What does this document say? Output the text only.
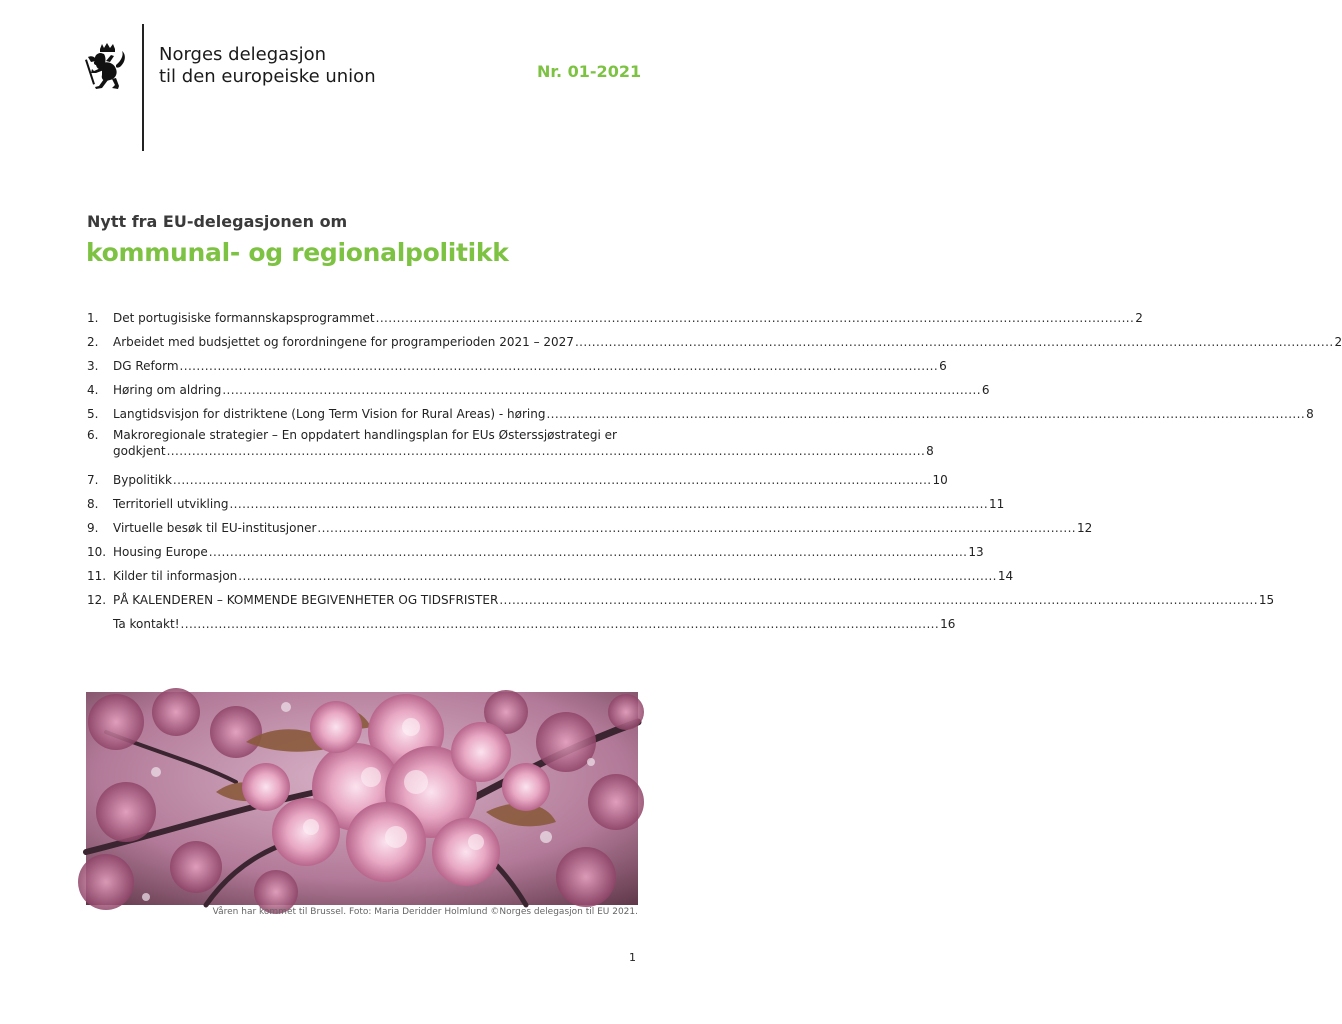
Norges delegasjon
til den europeiske union	Nr. 01-2021
Nytt fra EU-delegasjonen om
kommunal- og regionalpolitikk
1.	Det portugisiske formannskapsprogrammet .................................................................................................................................................................................... 2
2.	Arbeidet med budsjettet og forordningene for programperioden 2021 – 2027 .................................................................................................................................................................................... 2
3.	DG Reform .................................................................................................................................................................................... 6
4.	Høring om aldring .................................................................................................................................................................................... 6
5.	Langtidsvisjon for distriktene (Long Term Vision for Rural Areas) - høring .................................................................................................................................................................................... 8
6.	Makroregionale strategier – En oppdatert handlingsplan for EUs Østerssjøstrategi er
godkjent .................................................................................................................................................................................... 8
7.	Bypolitikk .................................................................................................................................................................................... 10
8.	Territoriell utvikling .................................................................................................................................................................................... 11
9.	Virtuelle besøk til EU-institusjoner .................................................................................................................................................................................... 12
10. Housing Europe .................................................................................................................................................................................... 13
11. Kilder til informasjon .................................................................................................................................................................................... 14
12. PÅ KALENDEREN – KOMMENDE BEGIVENHETER OG TIDSFRISTER .................................................................................................................................................................................... 15
Ta kontakt! .................................................................................................................................................................................... 16
Våren har kommet til Brussel. Foto: Maria Deridder Holmlund ©Norges delegasjon til EU 2021.
1
